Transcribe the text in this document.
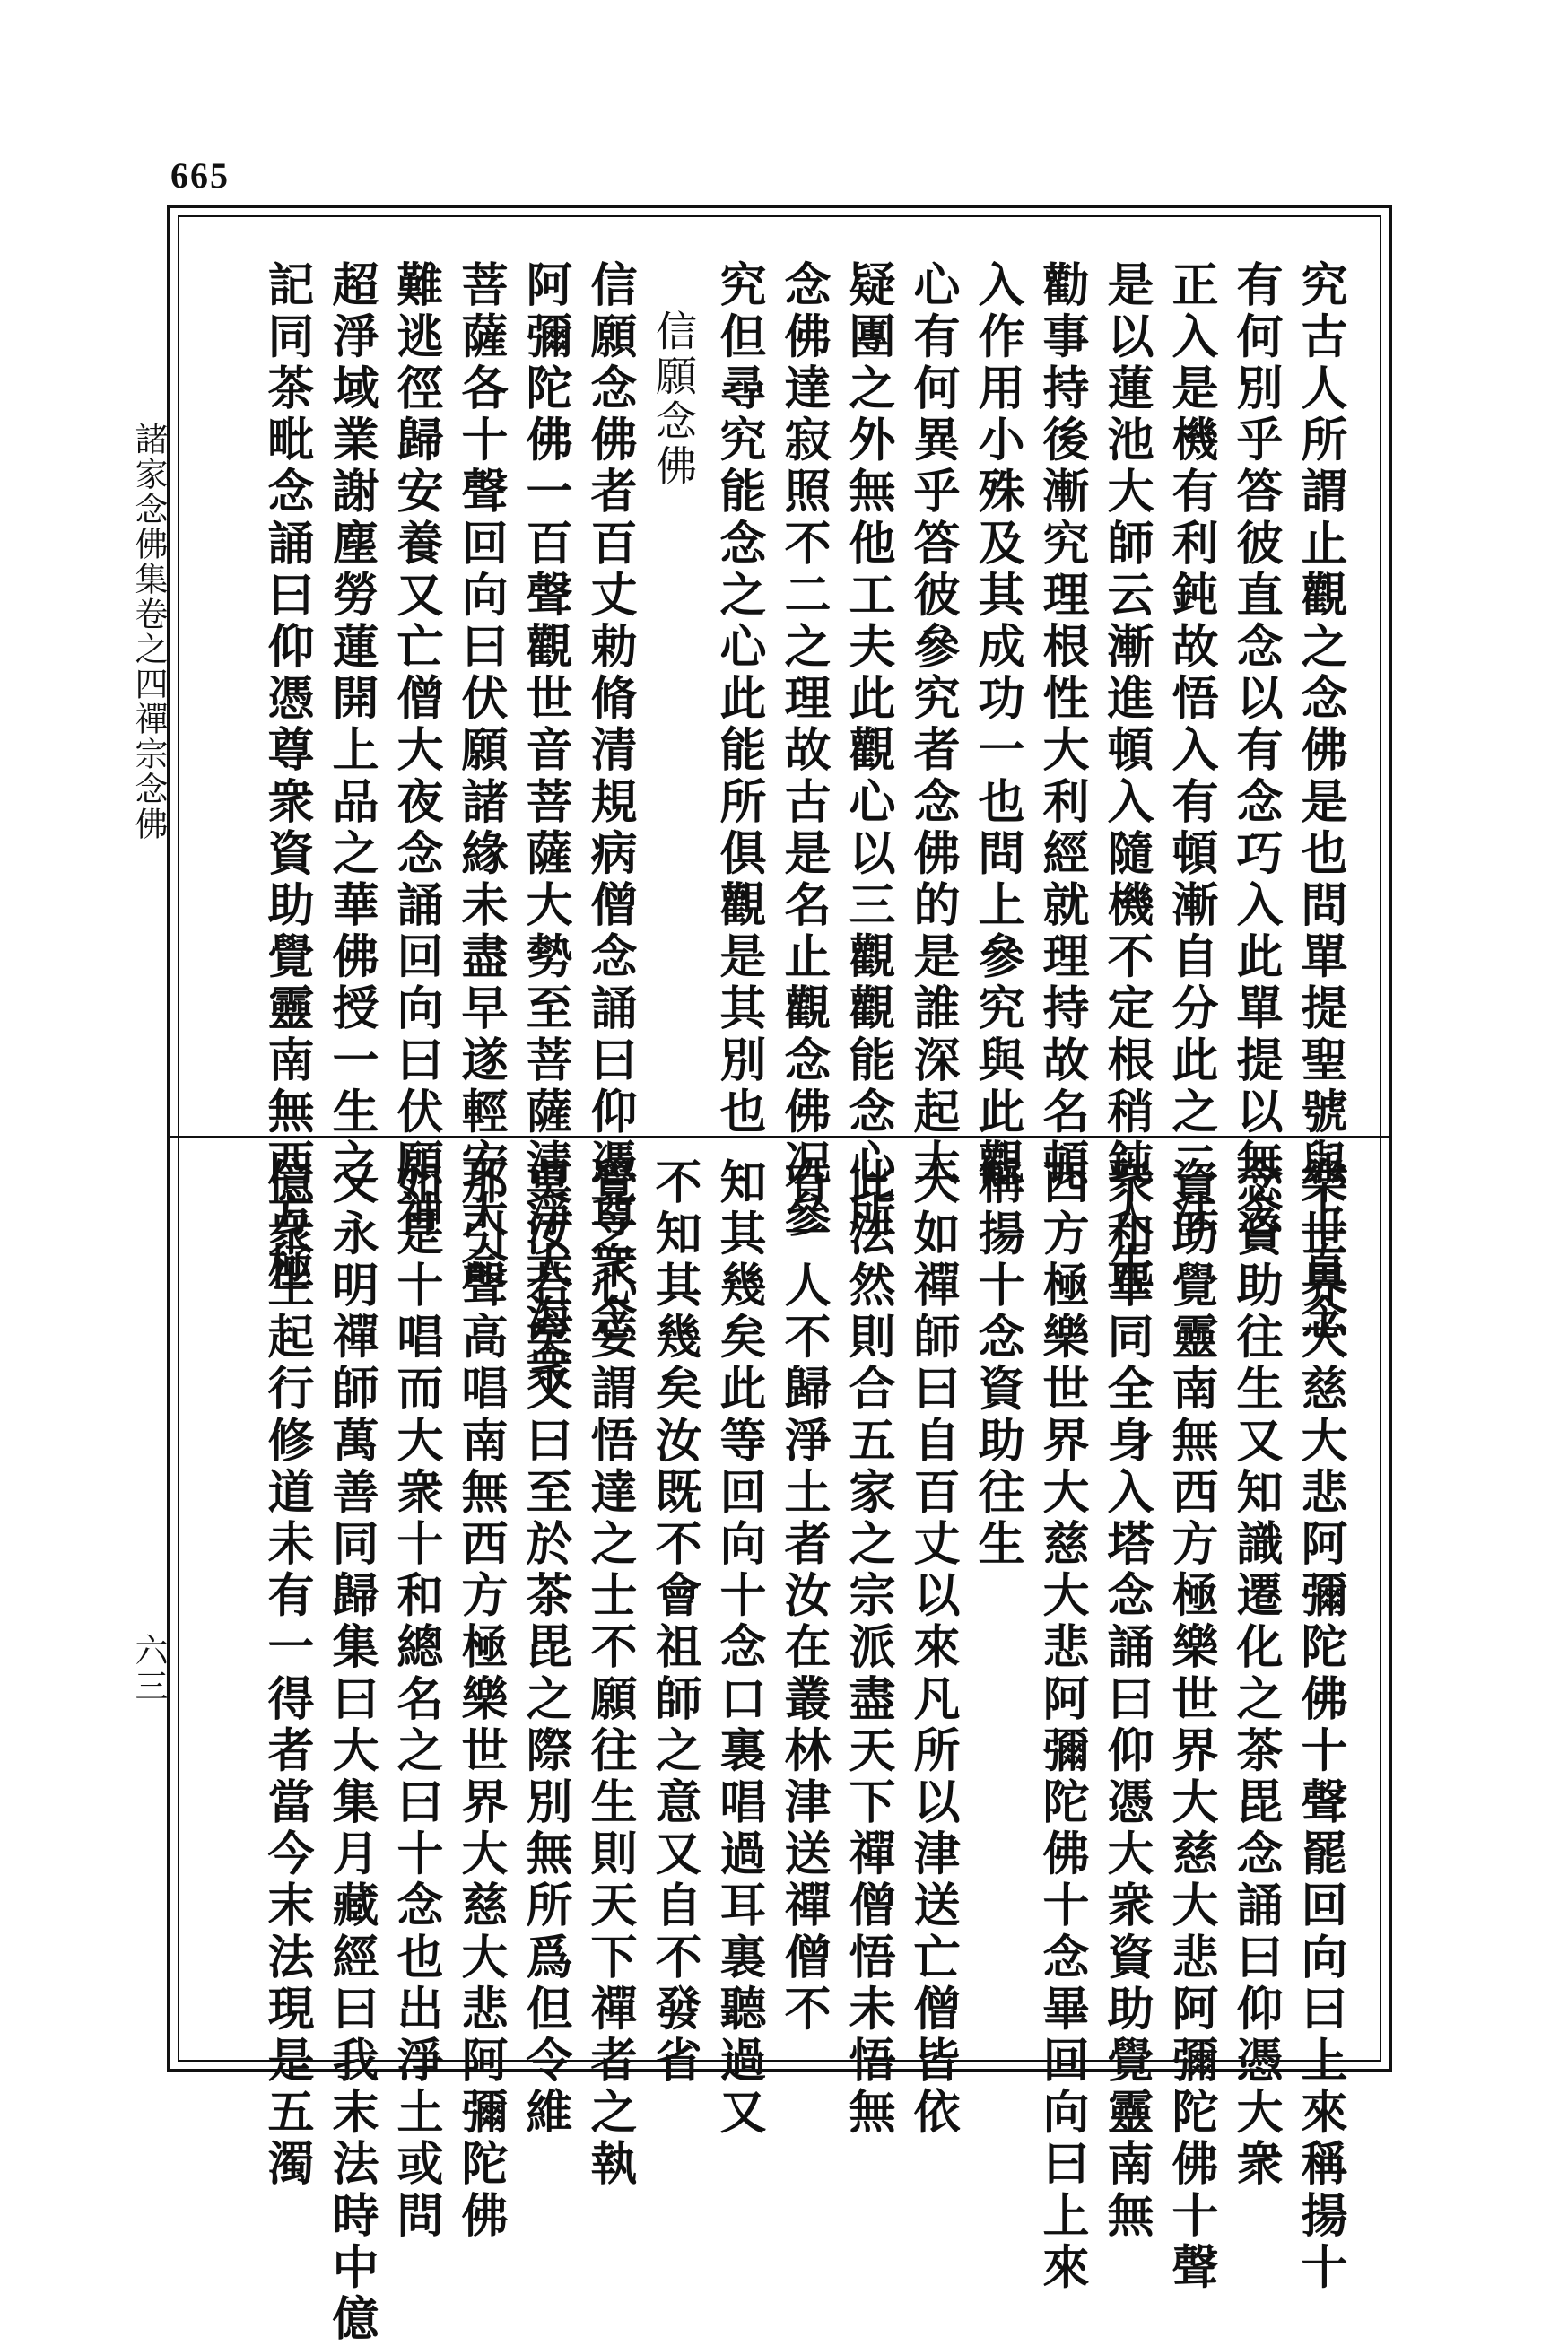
665
諸家念佛集卷之四禪宗念佛
六三
究古人所謂止觀之念佛是也問單提聖號與上直念
有何別乎答彼直念以有念巧入此單提以無念
正入是機有利鈍故悟入有頓漸自分此之二法
是以蓮池大師云漸進頓入隨機不定根稍鈍人先
勸事持後漸究理根性大利經就理持故名頓
入作用小殊及其成功一也問上參究與此觀
心有何異乎答彼參究者念佛的是誰深起大
疑團之外無他工夫此觀心以三觀觀能念心所
念佛達寂照不二之理故古是名止觀念佛况參
究但尋究能念之心此能所俱觀是其別也
信願念佛
信願念佛者百丈勅脩清規病僧念誦曰仰憑尊衆念
阿彌陀佛一百聲觀世音菩薩大勢至菩薩清淨大海衆
菩薩各十聲回向曰伏願諸緣未盡早遂輕安大命
難逃徑歸安養又亡僧大夜念誦回向曰伏願神
超淨域業謝塵勞蓮開上品之華佛授一生之
記同茶毗念誦曰仰憑尊衆資助覺靈南無西方極
樂世界大慈大悲阿彌陀佛十聲罷回向曰上來稱揚十
念資助往生又知識遷化之茶毘念誦曰仰憑大衆
資助覺靈南無西方極樂世界大慈大悲阿彌陀佛十聲
衆和畢同全身入塔念誦曰仰憑大衆資助覺靈南無
西方極樂世界大慈大悲阿彌陀佛十念畢回向曰上來
稱揚十念資助往生
天如禪師曰自百丈以來凡所以津送亡僧皆依
此法然則合五家之宗派盡天下禪僧悟未悟無
有一人不歸淨土者汝在叢林津送禪僧不
知其幾矣此等回向十念口裏唱過耳裏聽過又
不知其幾矣汝既不會祖師之意又自不發省
覺之心妄謂悟達之士不願往生則天下禪者之執
莫汝若矣又曰至於茶毘之際別無所爲但令維
那引聲高唱南無西方極樂世界大慈大悲阿彌陀佛
如是十唱而大衆十和總名之曰十念也出淨土或問
又永明禪師萬善同歸集曰大集月藏經曰我末法時中億
億衆生起行修道未有一得者當今末法現是五濁
